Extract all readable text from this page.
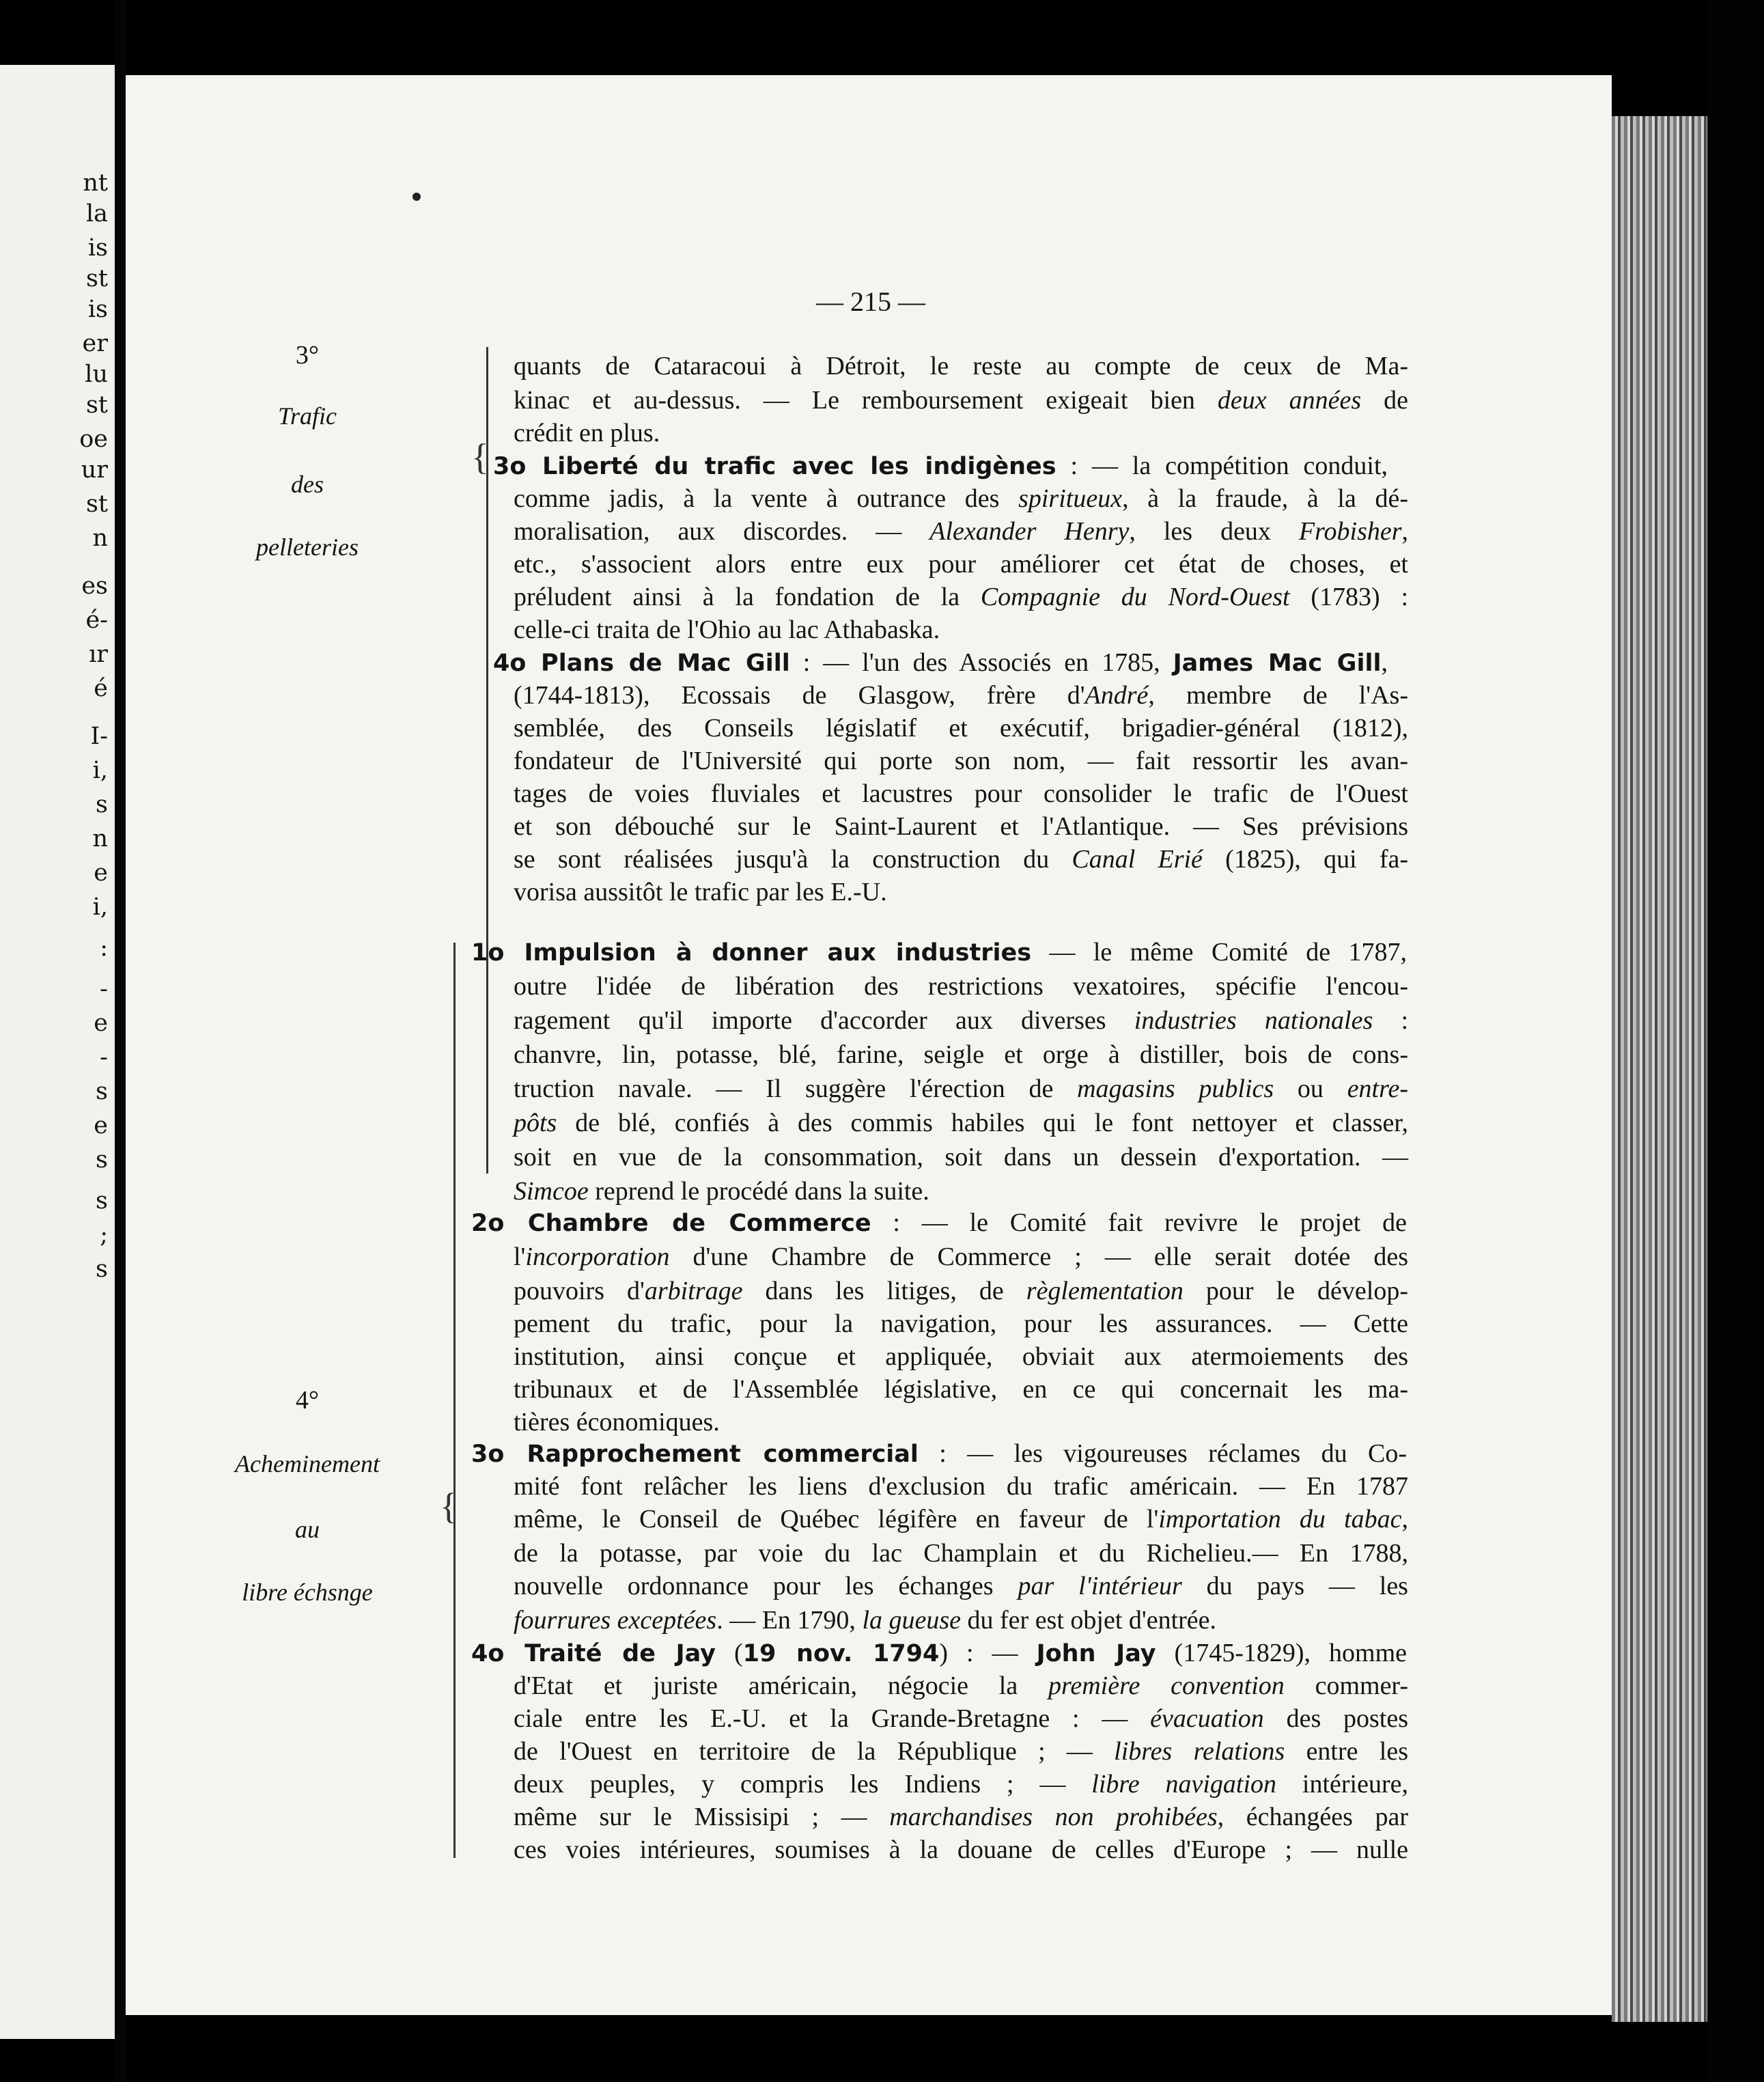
nt
la
is
st
is
er
lu
st
oe
ur
st
n
es
é-
ır
é
I-
i,
s
n
e
i,
:
-
e
-
s
e
s
s
;
s
— 215 —
3°
Trafic
des
pelleteries
4°
Acheminement
au
libre échsnge
{
{
quants de Cataracoui à Détroit, le reste au compte de ceux de Ma-
kinac et au-dessus. — Le remboursement exigeait bien deux années de
crédit en plus.
3o Liberté du trafic avec les indigènes : — la compétition conduit,
comme jadis, à la vente à outrance des spiritueux, à la fraude, à la dé-
moralisation, aux discordes. — Alexander Henry, les deux Frobisher,
etc., s'associent alors entre eux pour améliorer cet état de choses, et
préludent ainsi à la fondation de la Compagnie du Nord-Ouest (1783) :
celle-ci traita de l'Ohio au lac Athabaska.
4o Plans de Mac Gill : — l'un des Associés en 1785, James Mac Gill,
(1744-1813), Ecossais de Glasgow, frère d'André, membre de l'As-
semblée, des Conseils législatif et exécutif, brigadier-général (1812),
fondateur de l'Université qui porte son nom, — fait ressortir les avan-
tages de voies fluviales et lacustres pour consolider le trafic de l'Ouest
et son débouché sur le Saint-Laurent et l'Atlantique. — Ses prévisions
se sont réalisées jusqu'à la construction du Canal Erié (1825), qui fa-
vorisa aussitôt le trafic par les E.-U.
1o Impulsion à donner aux industries — le même Comité de 1787,
outre l'idée de libération des restrictions vexatoires, spécifie l'encou-
ragement qu'il importe d'accorder aux diverses industries nationales :
chanvre, lin, potasse, blé, farine, seigle et orge à distiller, bois de cons-
truction navale. — Il suggère l'érection de magasins publics ou entre-
pôts de blé, confiés à des commis habiles qui le font nettoyer et classer,
soit en vue de la consommation, soit dans un dessein d'exportation. —
Simcoe reprend le procédé dans la suite.
2o Chambre de Commerce : — le Comité fait revivre le projet de
l'incorporation d'une Chambre de Commerce ; — elle serait dotée des
pouvoirs d'arbitrage dans les litiges, de règlementation pour le dévelop-
pement du trafic, pour la navigation, pour les assurances. — Cette
institution, ainsi conçue et appliquée, obviait aux atermoiements des
tribunaux et de l'Assemblée législative, en ce qui concernait les ma-
tières économiques.
3o Rapprochement commercial : — les vigoureuses réclames du Co-
mité font relâcher les liens d'exclusion du trafic américain. — En 1787
même, le Conseil de Québec légifère en faveur de l'importation du tabac,
de la potasse, par voie du lac Champlain et du Richelieu.— En 1788,
nouvelle ordonnance pour les échanges par l'intérieur du pays — les
fourrures exceptées. — En 1790, la gueuse du fer est objet d'entrée.
4o Traité de Jay (19 nov. 1794) : — John Jay (1745-1829), homme
d'Etat et juriste américain, négocie la première convention commer-
ciale entre les E.-U. et la Grande-Bretagne : — évacuation des postes
de l'Ouest en territoire de la République ; — libres relations entre les
deux peuples, y compris les Indiens ; — libre navigation intérieure,
même sur le Missisipi ; — marchandises non prohibées, échangées par
ces voies intérieures, soumises à la douane de celles d'Europe ; — nulle
